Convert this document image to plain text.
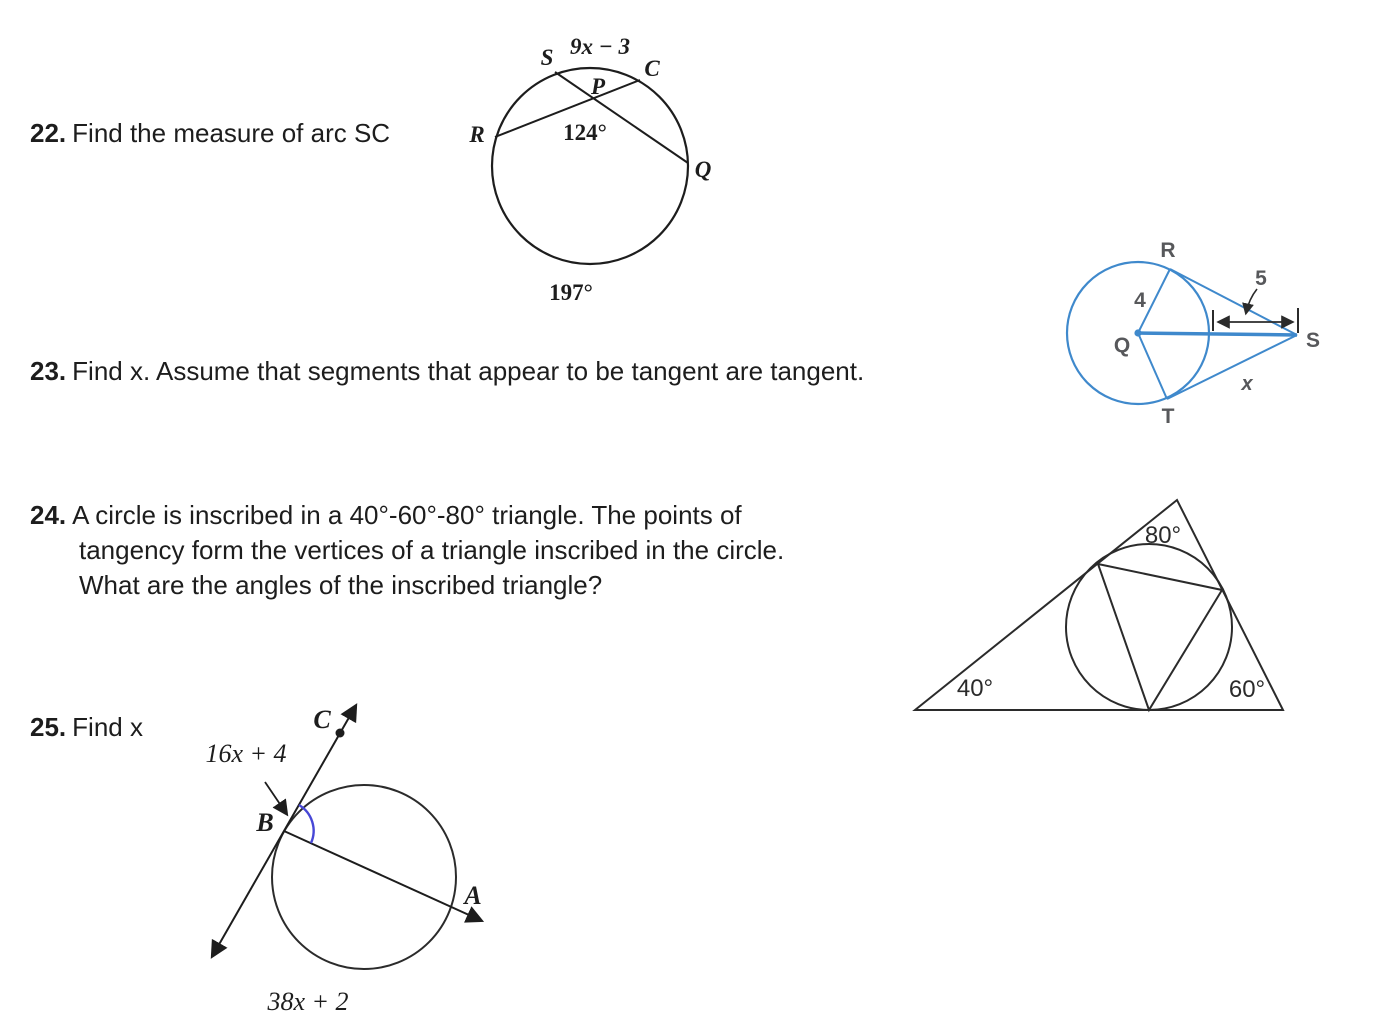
22. Find the measure of arc SC
23. Find x. Assume that segments that appear to be tangent are tangent.
24. A circle is inscribed in a 40°-60°-80° triangle. The points of
tangency form the vertices of a triangle inscribed in the circle.
What are the angles of the inscribed triangle?
25. Find x
S 9x − 3
C
P
R	124°
Q
197°
R
Q
T
S
4
5
x
80°
40°	60°
C
B
A
16x + 4
38x + 2
